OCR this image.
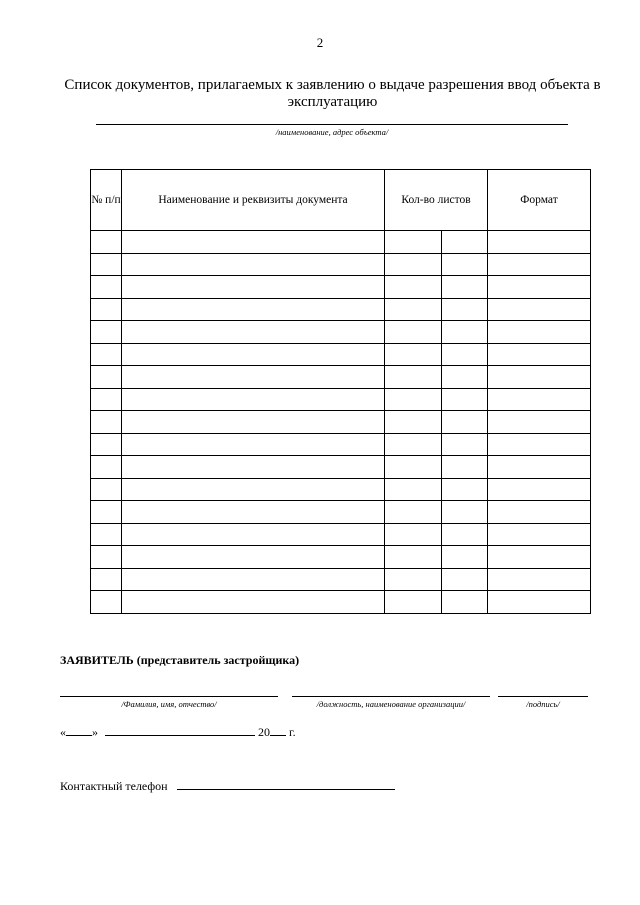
2
Список документов, прилагаемых к заявлению о выдаче разрешения ввод объекта в эксплуатацию
/наименование, адрес объекта/
№ п/п	Наименование и реквизиты документа	Кол-во листов		Формат

ЗАЯВИТЕЛЬ (представитель застройщика)
/Фамилия, имя, отчество/	/должность, наименование организации/	/подпись/
« »	20 г.
Контактный телефон
